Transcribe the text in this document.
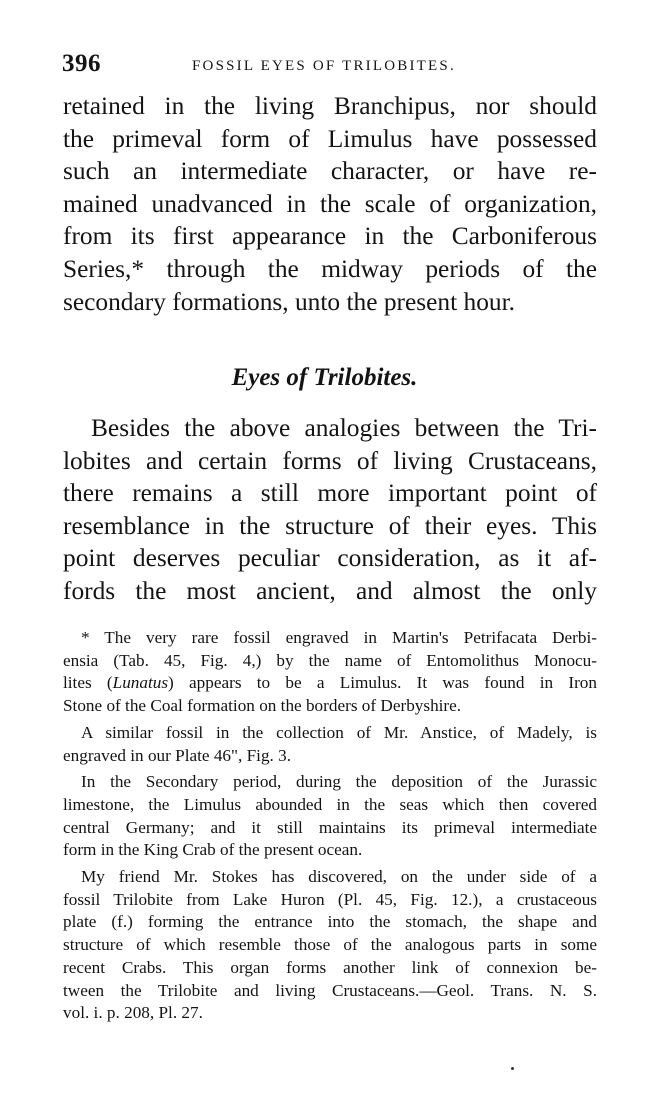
396	FOSSIL EYES OF TRILOBITES.

retained in the living Branchipus, nor should
the primeval form of Limulus have possessed
such an intermediate character, or have re-
mained unadvanced in the scale of organization,
from its first appearance in the Carboniferous
Series,* through the midway periods of the
secondary formations, unto the present hour.

Eyes of Trilobites.

Besides the above analogies between the Tri-
lobites and certain forms of living Crustaceans,
there remains a still more important point of
resemblance in the structure of their eyes. This
point deserves peculiar consideration, as it af-
fords the most ancient, and almost the only

* The very rare fossil engraved in Martin's Petrifacata Derbi-
ensia (Tab. 45, Fig. 4,) by the name of Entomolithus Monocu-
lites (Lunatus) appears to be a Limulus. It was found in Iron
Stone of the Coal formation on the borders of Derbyshire.
A similar fossil in the collection of Mr. Anstice, of Madely, is
engraved in our Plate 46", Fig. 3.
In the Secondary period, during the deposition of the Jurassic
limestone, the Limulus abounded in the seas which then covered
central Germany; and it still maintains its primeval intermediate
form in the King Crab of the present ocean.
My friend Mr. Stokes has discovered, on the under side of a
fossil Trilobite from Lake Huron (Pl. 45, Fig. 12.), a crustaceous
plate (f.) forming the entrance into the stomach, the shape and
structure of which resemble those of the analogous parts in some
recent Crabs. This organ forms another link of connexion be-
tween the Trilobite and living Crustaceans.—Geol. Trans. N. S.
vol. i. p. 208, Pl. 27.
